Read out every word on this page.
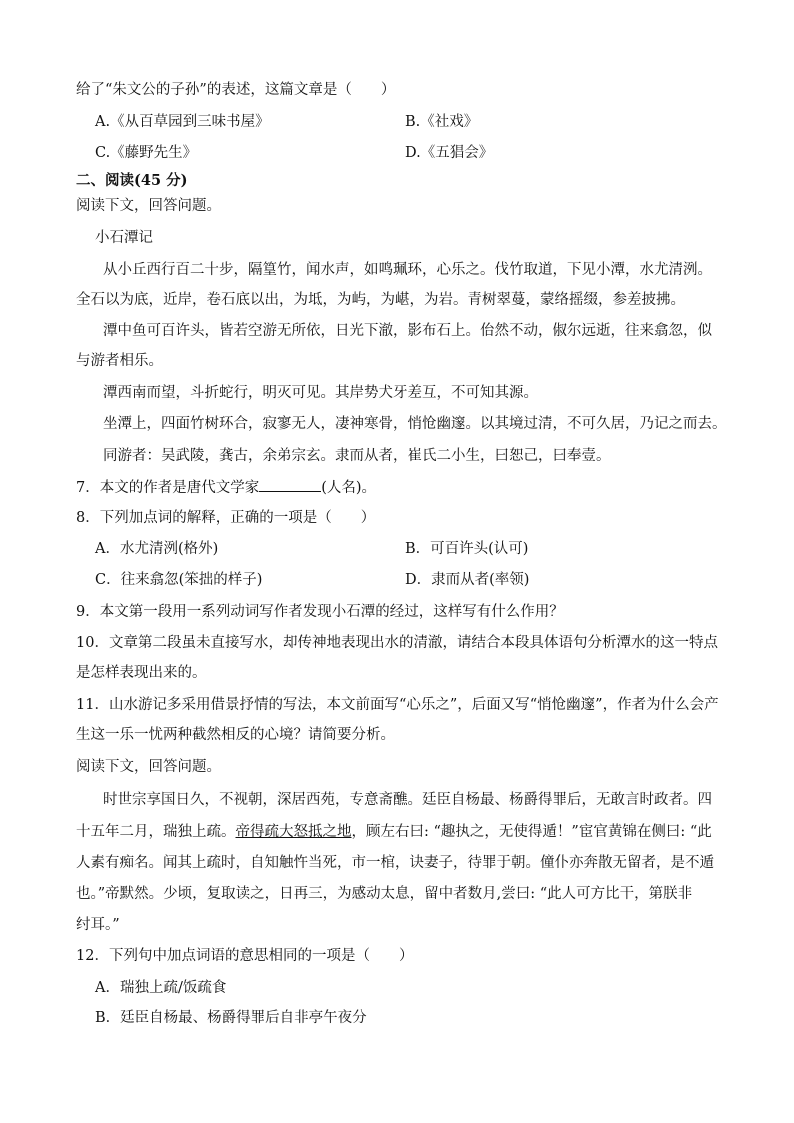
给了“朱文公的子孙”的表述，这篇文章是（　　）
A.《从百草园到三味书屋》	B.《社戏》
C.《藤野先生》	D.《五猖会》
二、阅读(45 分)
阅读下文，回答问题。
小石潭记
从小丘西行百二十步，隔篁竹，闻水声，如鸣珮环，心乐之。伐竹取道，下见小潭，水尤清洌。
全石以为底，近岸，卷石底以出，为坻，为屿，为嵁，为岩。青树翠蔓，蒙络摇缀，参差披拂。
潭中鱼可百许头，皆若空游无所依，日光下澈，影布石上。佁然不动，俶尔远逝，往来翕忽，似
与游者相乐。
潭西南而望，斗折蛇行，明灭可见。其岸势犬牙差互，不可知其源。
坐潭上，四面竹树环合，寂寥无人，凄神寒骨，悄怆幽邃。以其境过清，不可久居，乃记之而去。
同游者：吴武陵，龚古，余弟宗玄。隶而从者，崔氏二小生，曰恕己，曰奉壹。
7．本文的作者是唐代文学家	(人名)。
8．下列加点词的解释，正确的一项是（　　）
A．水尤清洌(格外)	B．可百许头(认可)
C．往来翕忽(笨拙的样子)	D．隶而从者(率领)
9．本文第一段用一系列动词写作者发现小石潭的经过，这样写有什么作用？
10．文章第二段虽未直接写水，却传神地表现出水的清澈，请结合本段具体语句分析潭水的这一特点
是怎样表现出来的。
11．山水游记多采用借景抒情的写法，本文前面写“心乐之”，后面又写“悄怆幽邃”，作者为什么会产
生这一乐一忧两种截然相反的心境？请简要分析。
阅读下文，回答问题。
时世宗享国日久，不视朝，深居西苑，专意斋醮。廷臣自杨最、杨爵得罪后，无敢言时政者。四
十五年二月，瑞独上疏。帝得疏大怒抵之地，顾左右曰: “趣执之，无使得遁！”宦官黄锦在侧曰: “此
人素有痴名。闻其上疏时，自知触忤当死，市一棺，诀妻子，待罪于朝。僮仆亦奔散无留者，是不遁
也。”帝默然。少顷，复取读之，日再三，为感动太息，留中者数月,尝曰: “此人可方比干，第朕非
纣耳。”
12．下列句中加点词语的意思相同的一项是（　　）
A．瑞独上疏/饭疏食
B．廷臣自杨最、杨爵得罪后自非亭午夜分
